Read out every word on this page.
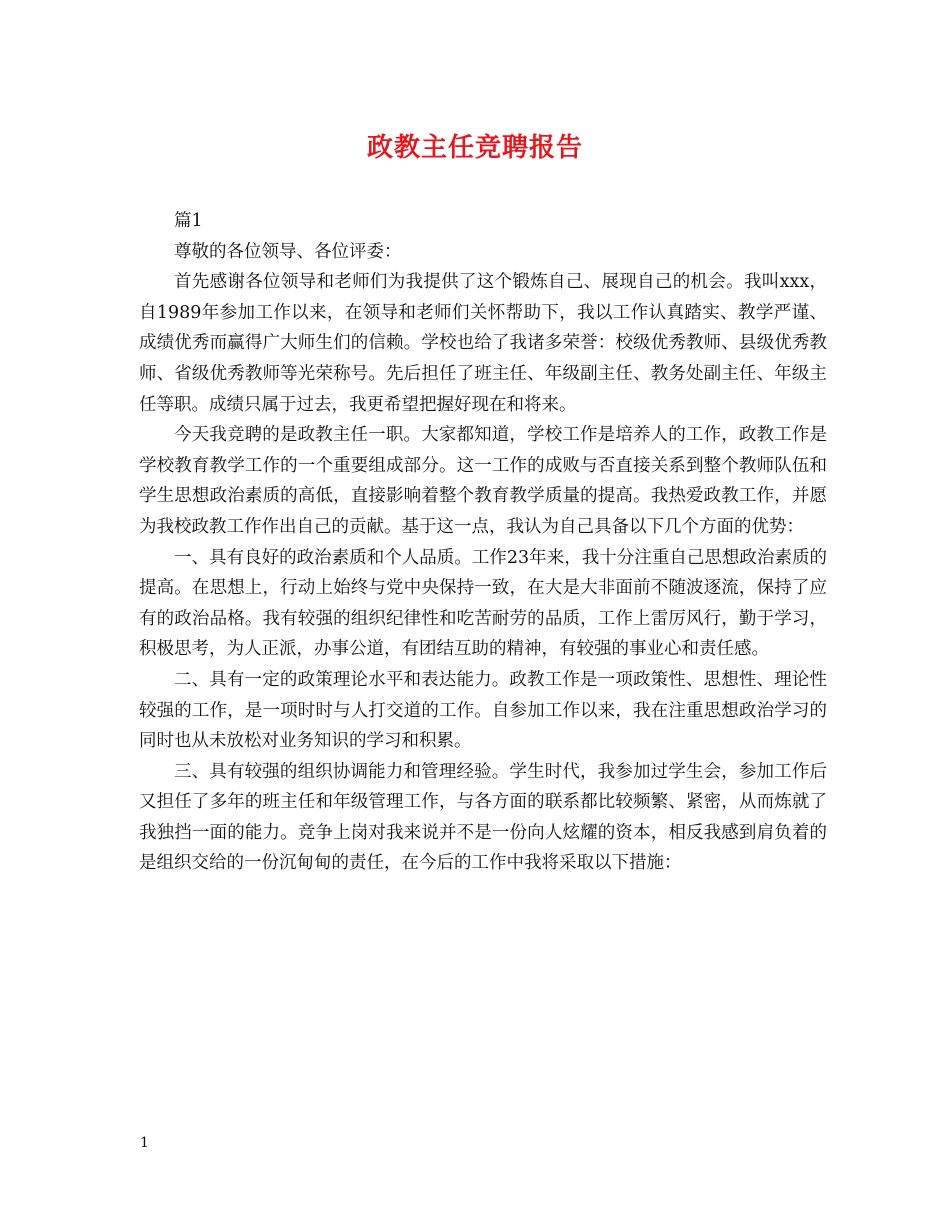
政教主任竞聘报告

篇1

尊敬的各位领导、各位评委：

首先感谢各位领导和老师们为我提供了这个锻炼自己、展现自己的机会。我叫xxx，自1989年参加工作以来，在领导和老师们关怀帮助下，我以工作认真踏实、教学严谨、成绩优秀而赢得广大师生们的信赖。学校也给了我诸多荣誉：校级优秀教师、县级优秀教师、省级优秀教师等光荣称号。先后担任了班主任、年级副主任、教务处副主任、年级主任等职。成绩只属于过去，我更希望把握好现在和将来。

今天我竞聘的是政教主任一职。大家都知道，学校工作是培养人的工作，政教工作是学校教育教学工作的一个重要组成部分。这一工作的成败与否直接关系到整个教师队伍和学生思想政治素质的高低，直接影响着整个教育教学质量的提高。我热爱政教工作，并愿为我校政教工作作出自己的贡献。基于这一点，我认为自己具备以下几个方面的优势：

一、具有良好的政治素质和个人品质。工作23年来，我十分注重自己思想政治素质的提高。在思想上，行动上始终与党中央保持一致，在大是大非面前不随波逐流，保持了应有的政治品格。我有较强的组织纪律性和吃苦耐劳的品质，工作上雷厉风行，勤于学习，积极思考，为人正派，办事公道，有团结互助的精神，有较强的事业心和责任感。

二、具有一定的政策理论水平和表达能力。政教工作是一项政策性、思想性、理论性较强的工作，是一项时时与人打交道的工作。自参加工作以来，我在注重思想政治学习的同时也从未放松对业务知识的学习和积累。

三、具有较强的组织协调能力和管理经验。学生时代，我参加过学生会，参加工作后又担任了多年的班主任和年级管理工作，与各方面的联系都比较频繁、紧密，从而炼就了我独挡一面的能力。竞争上岗对我来说并不是一份向人炫耀的资本，相反我感到肩负着的是组织交给的一份沉甸甸的责任，在今后的工作中我将采取以下措施：

1
